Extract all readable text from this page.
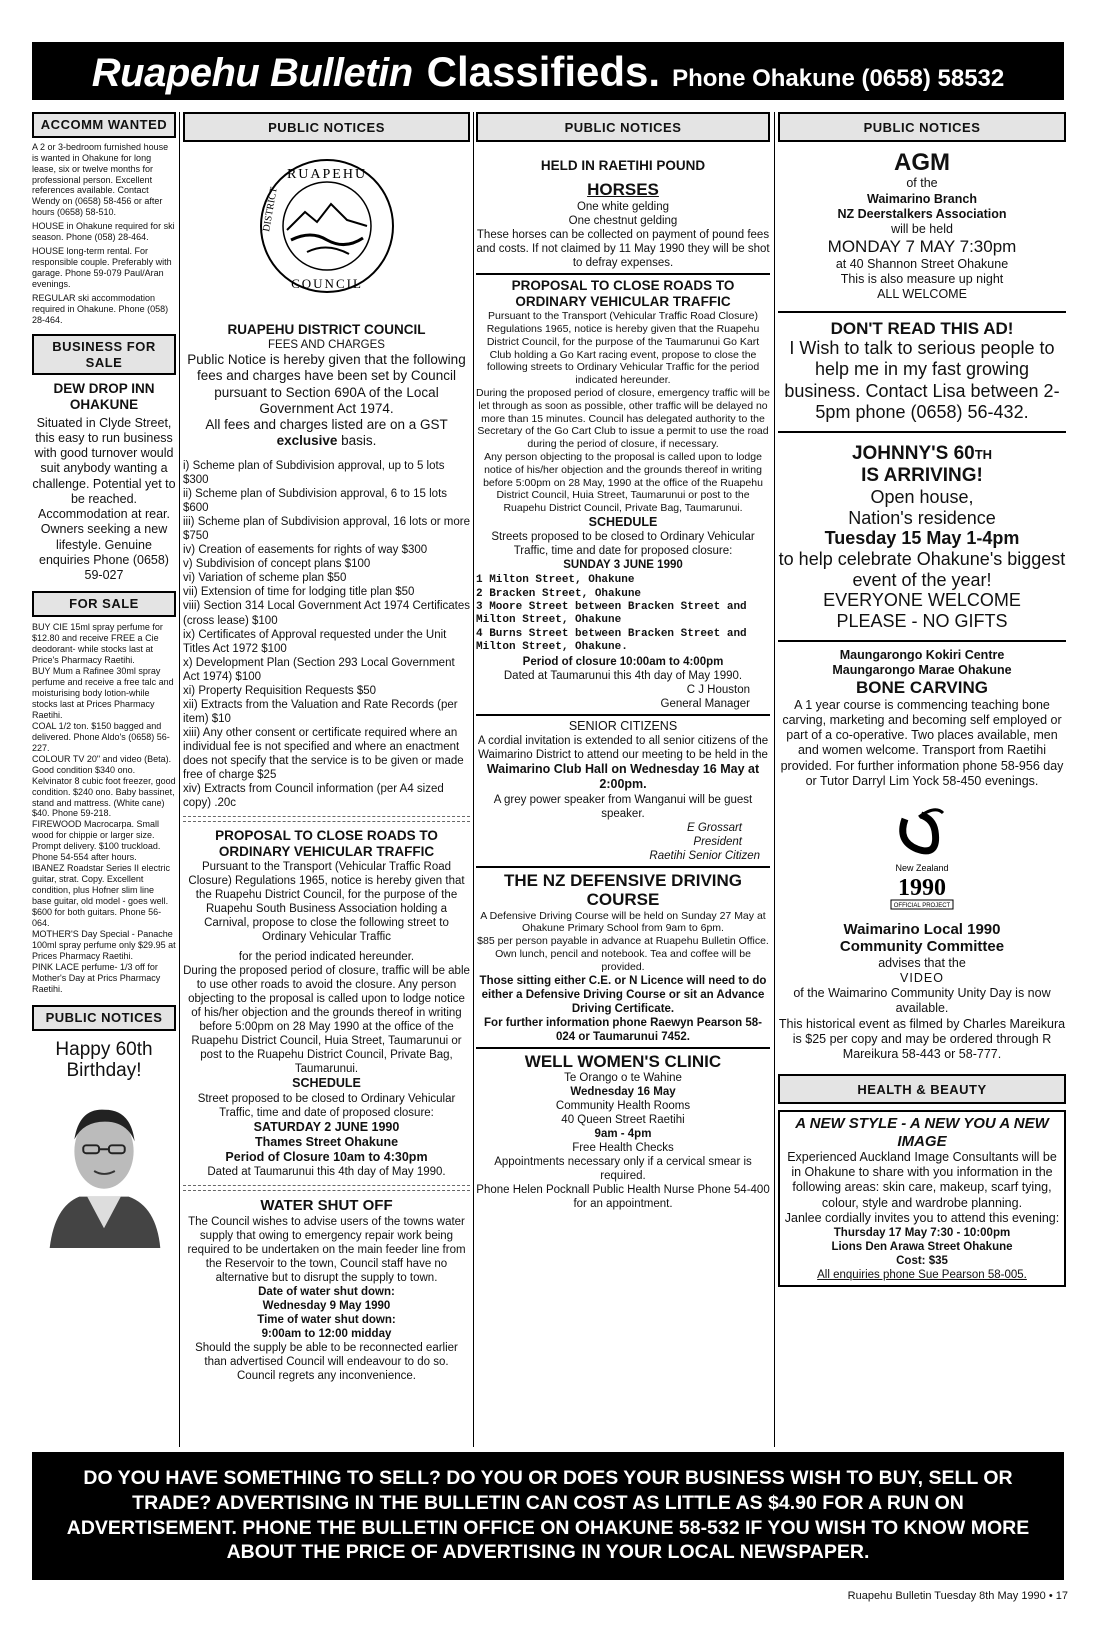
Ruapehu Bulletin Classifieds. Phone Ohakune (0658) 58532
ACCOMM WANTED

A 2 or 3-bedroom furnished house is wanted in Ohakune for long lease, six or twelve months for professional person. Excellent references available. Contact Wendy on (0658) 58-456 or after hours (0658) 58-510.

HOUSE in Ohakune required for ski season. Phone (058) 28-464.

HOUSE long-term rental. For responsible couple. Preferably with garage. Phone 59-079 Paul/Aran evenings.

REGULAR ski accommodation required in Ohakune. Phone (058) 28-464.

BUSINESS FOR SALE
DEW DROP INN OHAKUNE
Situated in Clyde Street, this easy to run business with good turnover would suit anybody wanting a challenge. Potential yet to be reached. Accommodation at rear. Owners seeking a new lifestyle. Genuine enquiries Phone (0658) 59-027
FOR SALE

BUY CIE 15ml spray perfume for $12.80 and receive FREE a Cie deodorant- while stocks last at Price's Pharmacy Raetihi.

BUY Mum a Rafinee 30ml spray perfume and receive a free talc and moisturising body lotion-while stocks last at Prices Pharmacy Raetihi.

COAL 1/2 ton. $150 bagged and delivered. Phone Aldo's (0658) 56-227.

COLOUR TV 20" and video (Beta). Good condition $340 ono. Kelvinator 8 cubic foot freezer, good condition. $240 ono. Baby bassinet, stand and mattress. (White cane) $40. Phone 59-218.

FIREWOOD Macrocarpa. Small wood for chippie or larger size. Prompt delivery. $100 truckload. Phone 54-554 after hours.

IBANEZ Roadstar Series II electric guitar, strat. Copy. Excellent condition, plus Hofner slim line base guitar, old model - goes well. $600 for both guitars. Phone 56-064.

MOTHER'S Day Special - Panache 100ml spray perfume only $29.95 at Prices Pharmacy Raetihi.

PINK LACE perfume- 1/3 off for Mother's Day at Prics Pharmacy Raetihi.

PUBLIC NOTICES
Happy 60th Birthday!
PUBLIC NOTICES
RUAPEHU
DISTRICT
COUNCIL
RUAPEHU DISTRICT COUNCIL
FEES AND CHARGES
Public Notice is hereby given that the following fees and charges have been set by Council pursuant to Section 690A of the Local Government Act 1974.
All fees and charges listed are on a GST exclusive basis.

i) Scheme plan of Subdivision approval, up to 5 lots $300

ii) Scheme plan of Subdivision approval, 6 to 15 lots $600

iii) Scheme plan of Subdivision approval, 16 lots or more $750

iv) Creation of easements for rights of way $300

v) Subdivision of concept plans $100

vi) Variation of scheme plan $50

vii) Extension of time for lodging title plan $50

viii) Section 314 Local Government Act 1974 Certificates (cross lease) $100

ix) Certificates of Approval requested under the Unit Titles Act 1972 $100

x) Development Plan (Section 293 Local Government Act 1974) $100

xi) Property Requisition Requests $50

xii) Extracts from the Valuation and Rate Records (per item) $10

xiii) Any other consent or certificate required where an individual fee is not specified and where an enactment does not specify that the service is to be given or made free of charge $25

xiv) Extracts from Council information (per A4 sized copy) .20c

PROPOSAL TO CLOSE ROADS TO ORDINARY VEHICULAR TRAFFIC
Pursuant to the Transport (Vehicular Traffic Road Closure) Regulations 1965, notice is hereby given that the Ruapehu District Council, for the purpose of the Ruapehu South Business Association holding a Carnival, propose to close the following street to Ordinary Vehicular Traffic
for the period indicated hereunder.
During the proposed period of closure, traffic will be able to use other roads to avoid the closure. Any person objecting to the proposal is called upon to lodge notice of his/her objection and the grounds thereof in writing before 5:00pm on 28 May 1990 at the office of the Ruapehu District Council, Huia Street, Taumarunui or post to the Ruapehu District Council, Private Bag, Taumarunui.
SCHEDULE
Street proposed to be closed to Ordinary Vehicular Traffic, time and date of proposed closure:
SATURDAY 2 JUNE 1990
Thames Street Ohakune
Period of Closure 10am to 4:30pm
Dated at Taumarunui this 4th day of May 1990.
WATER SHUT OFF
The Council wishes to advise users of the towns water supply that owing to emergency repair work being required to be undertaken on the main feeder line from the Reservoir to the town, Council staff have no alternative but to disrupt the supply to town.
Date of water shut down:
Wednesday 9 May 1990
Time of water shut down:
9:00am to 12:00 midday
Should the supply be able to be reconnected earlier than advertised Council will endeavour to do so.
Council regrets any inconvenience.
PUBLIC NOTICES
HELD IN RAETIHI POUND
HORSES
One white gelding
One chestnut gelding
These horses can be collected on payment of pound fees and costs. If not claimed by 11 May 1990 they will be shot to defray expenses.
PROPOSAL TO CLOSE ROADS TO ORDINARY VEHICULAR TRAFFIC
Pursuant to the Transport (Vehicular Traffic Road Closure) Regulations 1965, notice is hereby given that the Ruapehu District Council, for the purpose of the Taumarunui Go Kart Club holding a Go Kart racing event, propose to close the following streets to Ordinary Vehicular Traffic for the period indicated hereunder.
During the proposed period of closure, emergency traffic will be let through as soon as possible, other traffic will be delayed no more than 15 minutes. Council has delegated authority to the Secretary of the Go Cart Club to issue a permit to use the road during the period of closure, if necessary.
Any person objecting to the proposal is called upon to lodge notice of his/her objection and the grounds thereof in writing before 5:00pm on 28 May, 1990 at the office of the Ruapehu District Council, Huia Street, Taumarunui or post to the Ruapehu District Council, Private Bag, Taumarunui.
SCHEDULE
Streets proposed to be closed to Ordinary Vehicular Traffic, time and date for proposed closure:
SUNDAY 3 JUNE 1990
1 Milton Street, Ohakune
2 Bracken Street, Ohakune
3 Moore Street between Bracken Street and Milton Street, Ohakune
4 Burns Street between Bracken Street and Milton Street, Ohakune.
Period of closure 10:00am to 4:00pm
Dated at Taumarunui this 4th day of May 1990.
C J Houston
General Manager
SENIOR CITIZENS
A cordial invitation is extended to all senior citizens of the Waimarino District to attend our meeting to be held in the
Waimarino Club Hall on Wednesday 16 May at 2:00pm.
A grey power speaker from Wanganui will be guest speaker.
E Grossart
President
Raetihi Senior Citizen
THE NZ DEFENSIVE DRIVING COURSE
A Defensive Driving Course will be held on Sunday 27 May at Ohakune Primary School from 9am to 6pm.
$85 per person payable in advance at Ruapehu Bulletin Office.
Own lunch, pencil and notebook. Tea and coffee will be provided.
Those sitting either C.E. or N Licence will need to do either a Defensive Driving Course or sit an Advance Driving Certificate.
For further information phone Raewyn Pearson 58-024 or Taumarunui 7452.
WELL WOMEN'S CLINIC
Te Orango o te Wahine
Wednesday 16 May
Community Health Rooms
40 Queen Street Raetihi
9am - 4pm
Free Health Checks
Appointments necessary only if a cervical smear is required.
Phone Helen Pocknall Public Health Nurse Phone 54-400 for an appointment.
PUBLIC NOTICES
AGM
of the
Waimarino Branch
NZ Deerstalkers Association
will be held
MONDAY 7 MAY 7:30pm
at 40 Shannon Street Ohakune
This is also measure up night
ALL WELCOME
DON'T READ THIS AD!
I Wish to talk to serious people to help me in my fast growing business. Contact Lisa between 2-5pm phone (0658) 56-432.
JOHNNY'S 60th
IS ARRIVING!
Open house,
Nation's residence
Tuesday 15 May 1-4pm
to help celebrate Ohakune's biggest event of the year!
EVERYONE WELCOME
PLEASE - NO GIFTS
Maungarongo Kokiri Centre
Maungarongo Marae Ohakune
BONE CARVING
A 1 year course is commencing teaching bone carving, marketing and becoming self employed or part of a co-operative. Two places available, men and women welcome. Transport from Raetihi provided. For further information phone 58-956 day or Tutor Darryl Lim Yock 58-450 evenings.
New Zealand
1990
OFFICIAL PROJECT
Waimarino Local 1990
Community Committee
advises that the
VIDEO
of the Waimarino Community Unity Day is now available.
This historical event as filmed by Charles Mareikura is $25 per copy and may be ordered through R Mareikura 58-443 or 58-777.
HEALTH & BEAUTY
A NEW STYLE - A NEW YOU A NEW IMAGE
Experienced Auckland Image Consultants will be in Ohakune to share with you information in the following areas: skin care, makeup, scarf tying, colour, style and wardrobe planning.
Janlee cordially invites you to attend this evening:
Thursday 17 May 7:30 - 10:00pm
Lions Den Arawa Street Ohakune
Cost: $35
All enquiries phone Sue Pearson 58-005.
DO YOU HAVE SOMETHING TO SELL? DO YOU OR DOES YOUR BUSINESS WISH TO BUY, SELL OR TRADE? ADVERTISING IN THE BULLETIN CAN COST AS LITTLE AS $4.90 FOR A RUN ON ADVERTISEMENT. PHONE THE BULLETIN OFFICE ON OHAKUNE 58-532 IF YOU WISH TO KNOW MORE ABOUT THE PRICE OF ADVERTISING IN YOUR LOCAL NEWSPAPER.
Ruapehu Bulletin Tuesday 8th May 1990 • 17
